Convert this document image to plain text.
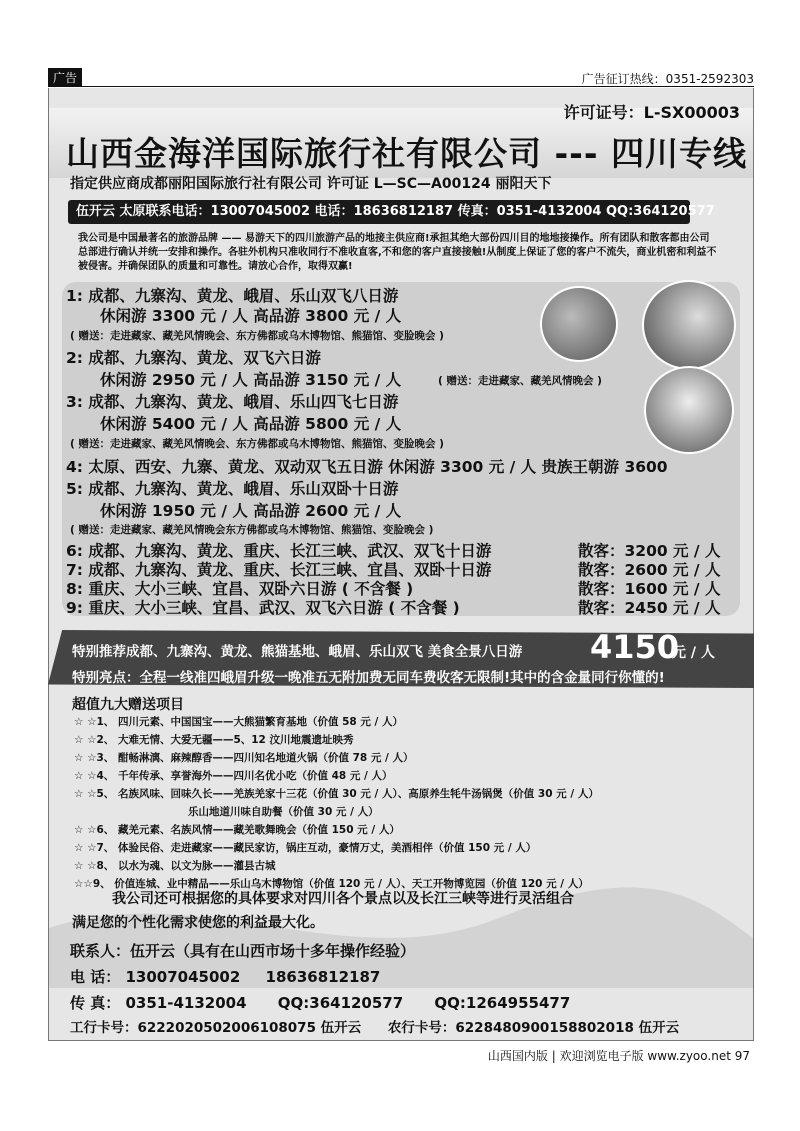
广告	广告征订热线：0351-2592303
许可证号：L-SX00003
山西金海洋国际旅行社有限公司 --- 四川专线
指定供应商成都丽阳国际旅行社有限公司 许可证 L—SC—A00124 丽阳天下
伍开云 太原联系电话：13007045002 电话：18636812187 传真：0351-4132004 QQ:364120577
我公司是中国最著名的旅游品牌 —— 易游天下的四川旅游产品的地接主供应商!承担其绝大部份四川目的地地接操作。所有团队和散客都由公司总部进行确认并统一安排和操作。各驻外机构只准收同行不准收直客,不和您的客户直接接触!从制度上保证了您的客户不流失，商业机密和利益不被侵害。并确保团队的质量和可靠性。请放心合作，取得双赢!
1: 成都、九寨沟、黄龙、峨眉、乐山双飞八日游
休闲游 3300 元 / 人 高品游 3800 元 / 人
( 赠送：走进藏家、藏羌风情晚会、东方佛都或乌木博物馆、熊猫馆、变脸晚会 )
2: 成都、九寨沟、黄龙、双飞六日游
休闲游 2950 元 / 人 高品游 3150 元 / 人	( 赠送：走进藏家、藏羌风情晚会 )
3: 成都、九寨沟、黄龙、峨眉、乐山四飞七日游
休闲游 5400 元 / 人 高品游 5800 元 / 人
( 赠送：走进藏家、藏羌风情晚会、东方佛都或乌木博物馆、熊猫馆、变脸晚会 )
4: 太原、西安、九寨、黄龙、双动双飞五日游 休闲游 3300 元 / 人 贵族王朝游 3600
5: 成都、九寨沟、黄龙、峨眉、乐山双卧十日游
休闲游 1950 元 / 人 高品游 2600 元 / 人
( 赠送：走进藏家、藏羌风情晚会东方佛都或乌木博物馆、熊猫馆、变脸晚会 )
6: 成都、九寨沟、黄龙、重庆、长江三峡、武汉、双飞十日游	散客：3200 元 / 人
7: 成都、九寨沟、黄龙、重庆、长江三峡、宜昌、双卧十日游	散客：2600 元 / 人
8: 重庆、大小三峡、宜昌、双卧六日游 ( 不含餐 )	散客：1600 元 / 人
9: 重庆、大小三峡、宜昌、武汉、双飞六日游 ( 不含餐 )	散客：2450 元 / 人
特别推荐成都、九寨沟、黄龙、熊猫基地、峨眉、乐山双飞 美食全景八日游 4150
元 / 人
特别亮点：全程一线准四峨眉升级一晚准五无附加费无同车费收客无限制!其中的含金量同行你懂的!
超值九大赠送项目
☆ ☆1、 四川元素、中国国宝——大熊猫繁育基地（价值 58 元 / 人）
☆ ☆2、 大难无情、大爱无疆——5、12 汶川地震遗址映秀
☆ ☆3、 酣畅淋漓、麻辣醇香——四川知名地道火锅（价值 78 元 / 人）
☆ ☆4、 千年传承、享誉海外——四川名优小吃（价值 48 元 / 人）
☆ ☆5、 名族风味、回味久长——羌族羌家十三花（价值 30 元 / 人）、高原养生牦牛汤锅煲（价值 30 元 / 人）
乐山地道川味自助餐（价值 30 元 / 人）
☆ ☆6、 藏羌元素、名族风情——藏羌歌舞晚会（价值 150 元 / 人）
☆ ☆7、 体验民俗、走进藏家——藏民家访，锅庄互动，豪情万丈，美酒相伴（价值 150 元 / 人）
☆ ☆8、 以水为魂、以文为脉——灌县古城
☆☆9、 价值连城、业中精品——乐山乌木博物馆（价值 120 元 / 人）、天工开物博览园（价值 120 元 / 人）
我公司还可根据您的具体要求对四川各个景点以及长江三峡等进行灵活组合
满足您的个性化需求使您的利益最大化。
联系人：伍开云（具有在山西市场十多年操作经验）
电 话： 13007045002 18636812187
传 真： 0351-4132004 QQ:364120577 QQ:1264955477
工行卡号：6222020502006108075 伍开云 农行卡号：6228480900158802018 伍开云
山西国内版 | 欢迎浏览电子版 www.zyoo.net 97
